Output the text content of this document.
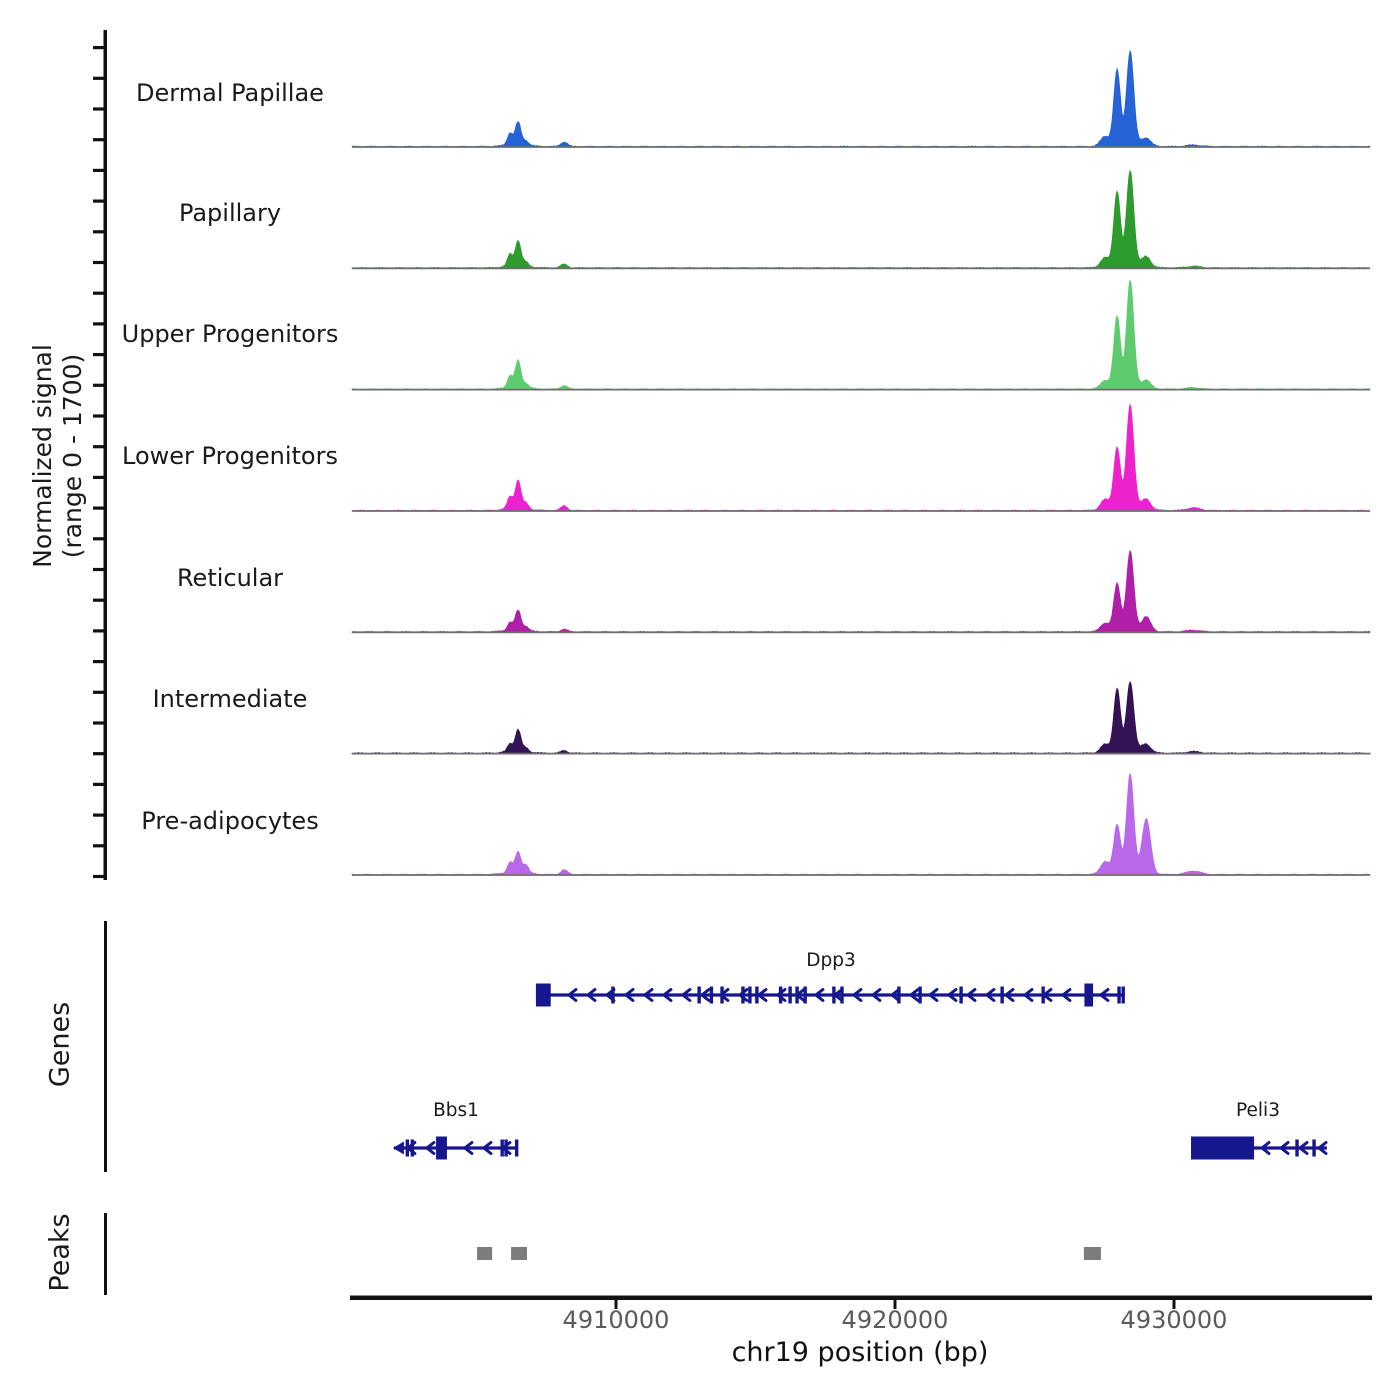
Normalized signal (range 0 - 1700)
Dermal Papillae
Papillary
Upper Progenitors
Lower Progenitors
Reticular
Intermediate
Pre-adipocytes
Genes
Peaks
Dpp3
Bbs1	Peli3
4910000	4920000	4930000
chr19 position (bp)
